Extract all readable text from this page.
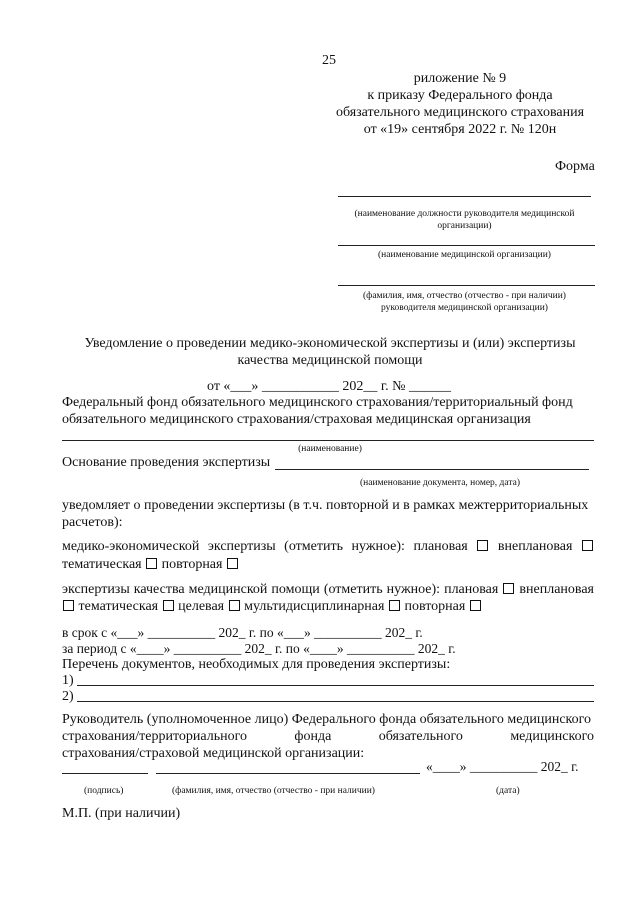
25
риложение № 9
к приказу Федерального фонда
обязательного медицинского страхования
от «19» сентября 2022 г. № 120н
Форма
(наименование должности руководителя медицинской организации)
(наименование медицинской организации)
(фамилия, имя, отчество (отчество - при наличии)
руководителя медицинской организации)
Уведомление о проведении медико-экономической экспертизы и (или) экспертизы
качества медицинской помощи
от «___» ___________ 202__ г. № ______
Федеральный фонд обязательного медицинского страхования/территориальный фонд
обязательного медицинского страхования/страховая медицинская организация
(наименование)
Основание проведения экспертизы
(наименование документа, номер, дата)
уведомляет о проведении экспертизы (в т.ч. повторной и в рамках межтерриториальных
расчетов):
медико-экономической экспертизы (отметить нужное): плановая внеплановая
тематическая повторная
экспертизы качества медицинской помощи (отметить нужное): плановая внеплановая
тематическая целевая мультидисциплинарная повторная
в срок с «___» __________ 202_ г. по «___» __________ 202_ г.
за период с «____» __________ 202_ г. по «____» __________ 202_ г.
Перечень документов, необходимых для проведения экспертизы:
1)
2)
Руководитель (уполномоченное лицо) Федерального фонда обязательного медицинского
страхования/территориального фонда обязательного медицинского
страхования/страховой медицинской организации:
«____» __________ 202_ г.
(подпись)	(фамилия, имя, отчество (отчество - при наличии)	(дата)
М.П. (при наличии)
